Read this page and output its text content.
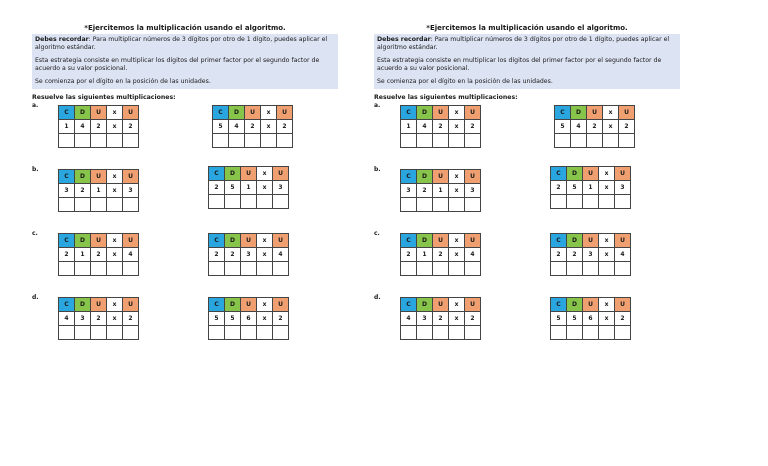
*Ejercitemos la multiplicación usando el algoritmo.

Debes recordar: Para multiplicar números de 3 dígitos por otro de 1 dígito, puedes aplicar el algoritmo estándar.

Esta estrategia consiste en multiplicar los dígitos del primer factor por el segundo factor de acuerdo a su valor posicional.

Se comienza por el dígito en la posición de las unidades.

Resuelve las siguientes multiplicaciones:
a.
C	D	U	x	U
1	4	2	x	2

C	D	U	x	U
5	4	2	x	2

b.
C	D	U	x	U
3	2	1	x	3

C	D	U	x	U
2	5	1	x	3

c.
C	D	U	x	U
2	1	2	x	4

C	D	U	x	U
2	2	3	x	4

d.
C	D	U	x	U
4	3	2	x	2

C	D	U	x	U
5	5	6	x	2

*Ejercitemos la multiplicación usando el algoritmo.

Debes recordar: Para multiplicar números de 3 dígitos por otro de 1 dígito, puedes aplicar el algoritmo estándar.

Esta estrategia consiste en multiplicar los dígitos del primer factor por el segundo factor de acuerdo a su valor posicional.

Se comienza por el dígito en la posición de las unidades.

Resuelve las siguientes multiplicaciones:
a.
C	D	U	x	U
1	4	2	x	2

C	D	U	x	U
5	4	2	x	2

b.
C	D	U	x	U
3	2	1	x	3

C	D	U	x	U
2	5	1	x	3

c.
C	D	U	x	U
2	1	2	x	4

C	D	U	x	U
2	2	3	x	4

d.
C	D	U	x	U
4	3	2	x	2

C	D	U	x	U
5	5	6	x	2
